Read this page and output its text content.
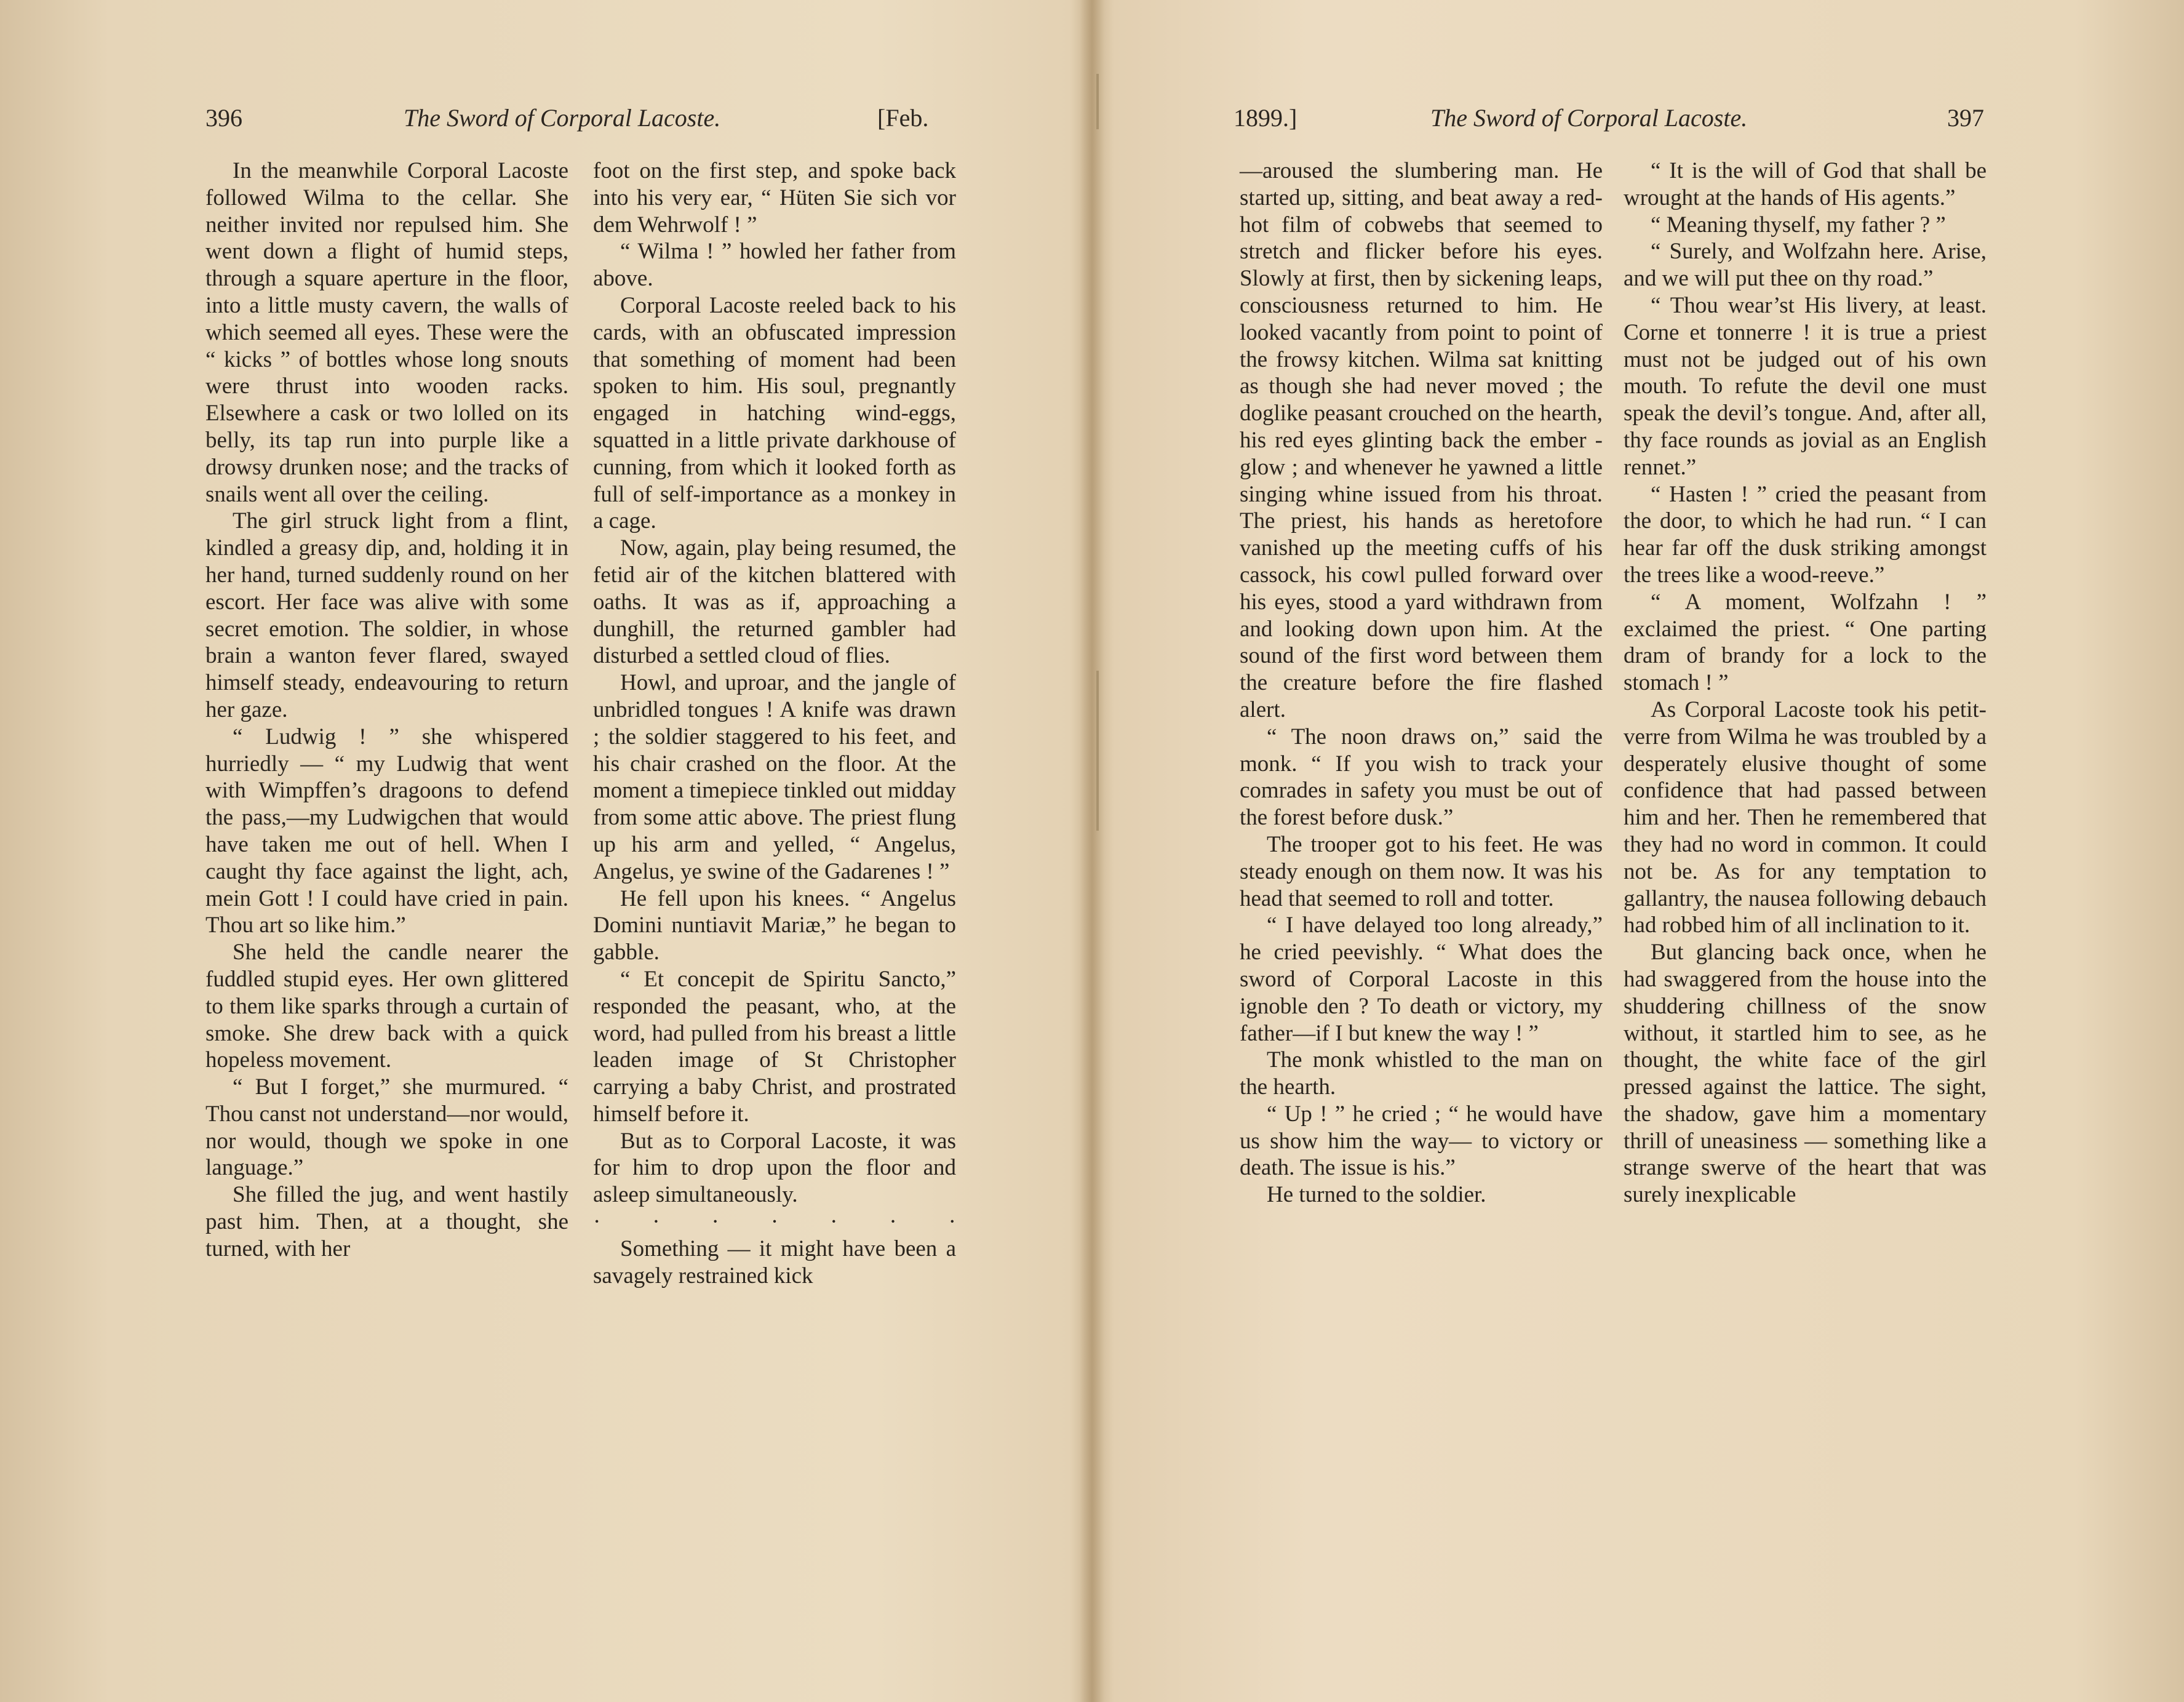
396	The Sword of Corporal Lacoste.	[Feb.

In the meanwhile Corporal Lacoste followed Wilma to the cellar. She neither invited nor repulsed him. She went down a flight of humid steps, through a square aperture in the floor, into a little musty cavern, the walls of which seemed all eyes. These were the “ kicks ” of bottles whose long snouts were thrust into wooden racks. Elsewhere a cask or two lolled on its belly, its tap run into purple like a drowsy drunken nose; and the tracks of snails went all over the ceiling.

The girl struck light from a flint, kindled a greasy dip, and, holding it in her hand, turned suddenly round on her escort. Her face was alive with some secret emotion. The soldier, in whose brain a wanton fever flared, swayed himself steady, endeavouring to return her gaze.

“ Ludwig ! ” she whispered hurriedly — “ my Ludwig that went with Wimpffen’s dragoons to defend the pass,—my Ludwigchen that would have taken me out of hell. When I caught thy face against the light, ach, mein Gott ! I could have cried in pain. Thou art so like him.”

She held the candle nearer the fuddled stupid eyes. Her own glittered to them like sparks through a curtain of smoke. She drew back with a quick hopeless movement.

“ But I forget,” she murmured. “ Thou canst not understand—nor would, nor would, though we spoke in one language.”

She filled the jug, and went hastily past him. Then, at a thought, she turned, with her

foot on the first step, and spoke back into his very ear, “ Hüten Sie sich vor dem Wehrwolf ! ”

“ Wilma ! ” howled her father from above.

Corporal Lacoste reeled back to his cards, with an obfuscated impression that something of moment had been spoken to him. His soul, pregnantly engaged in hatching wind-eggs, squatted in a little private darkhouse of cunning, from which it looked forth as full of self-importance as a monkey in a cage.

Now, again, play being resumed, the fetid air of the kitchen blattered with oaths. It was as if, approaching a dunghill, the returned gambler had disturbed a settled cloud of flies.

Howl, and uproar, and the jangle of unbridled tongues ! A knife was drawn ; the soldier staggered to his feet, and his chair crashed on the floor. At the moment a timepiece tinkled out midday from some attic above. The priest flung up his arm and yelled, “ Angelus, Angelus, ye swine of the Gadarenes ! ”

He fell upon his knees. “ Angelus Domini nuntiavit Mariæ,” he began to gabble.

“ Et concepit de Spiritu Sancto,” responded the peasant, who, at the word, had pulled from his breast a little leaden image of St Christopher carrying a baby Christ, and prostrated himself before it.

But as to Corporal Lacoste, it was for him to drop upon the floor and asleep simultaneously.

· · · · · · ·

Something — it might have been a savagely restrained kick

1899.]	The Sword of Corporal Lacoste.	397

—aroused the slumbering man. He started up, sitting, and beat away a red-hot film of cobwebs that seemed to stretch and flicker before his eyes. Slowly at first, then by sickening leaps, consciousness returned to him. He looked vacantly from point to point of the frowsy kitchen. Wilma sat knitting as though she had never moved ; the doglike peasant crouched on the hearth, his red eyes glinting back the ember - glow ; and whenever he yawned a little singing whine issued from his throat. The priest, his hands as heretofore vanished up the meeting cuffs of his cassock, his cowl pulled forward over his eyes, stood a yard withdrawn from and looking down upon him. At the sound of the first word between them the creature before the fire flashed alert.

“ The noon draws on,” said the monk. “ If you wish to track your comrades in safety you must be out of the forest before dusk.”

The trooper got to his feet. He was steady enough on them now. It was his head that seemed to roll and totter.

“ I have delayed too long already,” he cried peevishly. “ What does the sword of Corporal Lacoste in this ignoble den ? To death or victory, my father—if I but knew the way ! ”

The monk whistled to the man on the hearth.

“ Up ! ” he cried ; “ he would have us show him the way— to victory or death. The issue is his.”

He turned to the soldier.

“ It is the will of God that shall be wrought at the hands of His agents.”

“ Meaning thyself, my father ? ”

“ Surely, and Wolfzahn here. Arise, and we will put thee on thy road.”

“ Thou wear’st His livery, at least. Corne et tonnerre ! it is true a priest must not be judged out of his own mouth. To refute the devil one must speak the devil’s tongue. And, after all, thy face rounds as jovial as an English rennet.”

“ Hasten ! ” cried the peasant from the door, to which he had run. “ I can hear far off the dusk striking amongst the trees like a wood-reeve.”

“ A moment, Wolfzahn ! ” exclaimed the priest. “ One parting dram of brandy for a lock to the stomach ! ”

As Corporal Lacoste took his petit-verre from Wilma he was troubled by a desperately elusive thought of some confidence that had passed between him and her. Then he remembered that they had no word in common. It could not be. As for any temptation to gallantry, the nausea following debauch had robbed him of all inclination to it.

But glancing back once, when he had swaggered from the house into the shuddering chillness of the snow without, it startled him to see, as he thought, the white face of the girl pressed against the lattice. The sight, the shadow, gave him a momentary thrill of uneasiness — something like a strange swerve of the heart that was surely inexplicable
